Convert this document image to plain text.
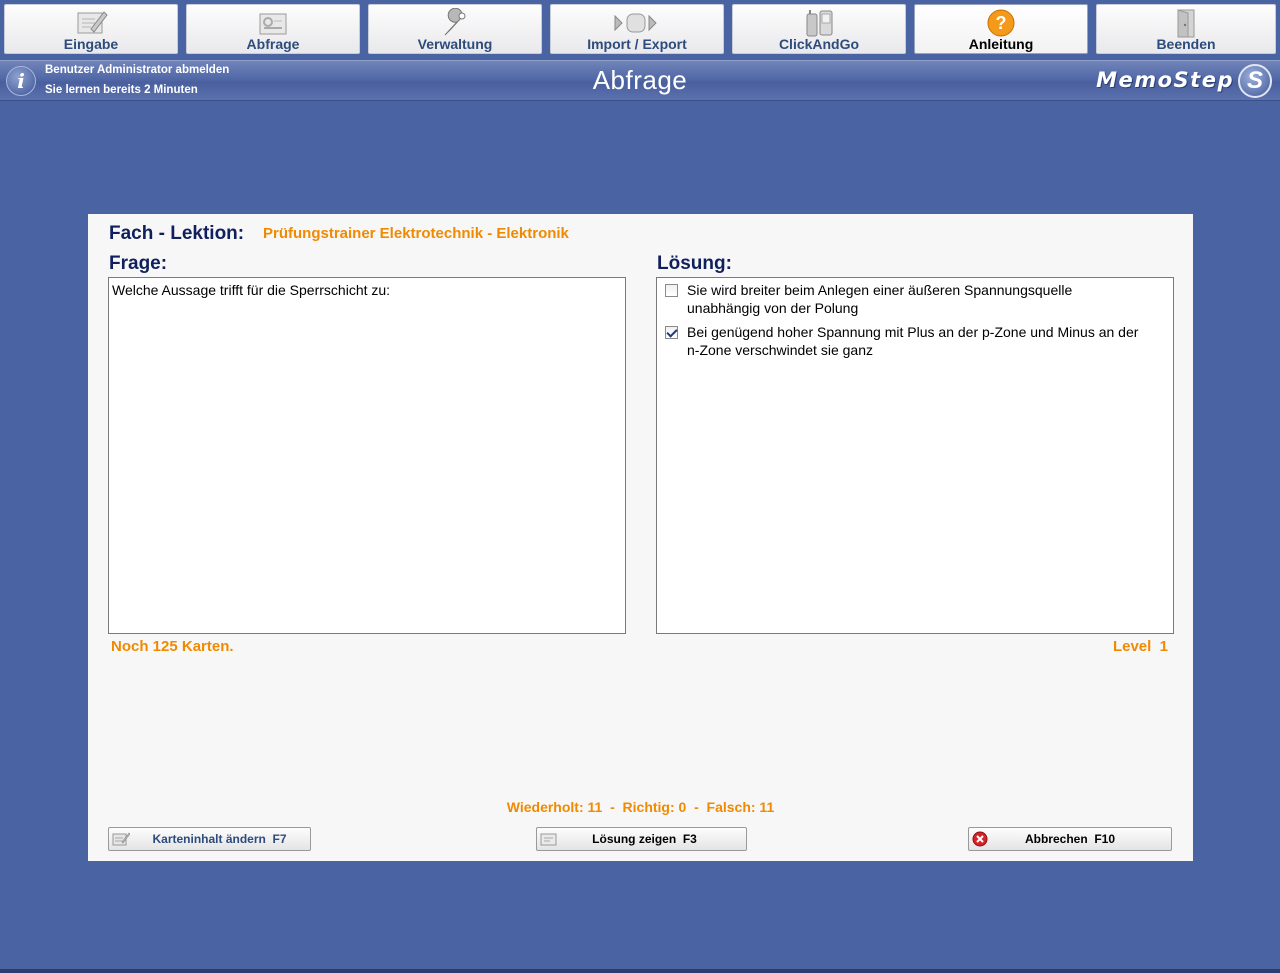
Eingabe	Abfrage	Verwaltung	Import / Export	ClickAndGo
?
Anleitung	Beenden
i	Benutzer Administrator abmelden
Sie lernen bereits 2 Minuten	Abfrage	MemoStep S
Fach - Lektion: Prüfungstrainer Elektrotechnik - Elektronik
Frage:	Lösung:
Welche Aussage trifft für die Sperrschicht zu:	Sie wird breiter beim Anlegen einer äußeren Spannungsquelle unabhängig von der Polung
Bei genügend hoher Spannung mit Plus an der p-Zone und Minus an der n-Zone verschwindet sie ganz
Noch 125 Karten.	Level  1
Wiederholt: 11  -  Richtig: 0  -  Falsch: 11
Karteninhalt ändern  F7	Lösung zeigen  F3	Abbrechen  F10
